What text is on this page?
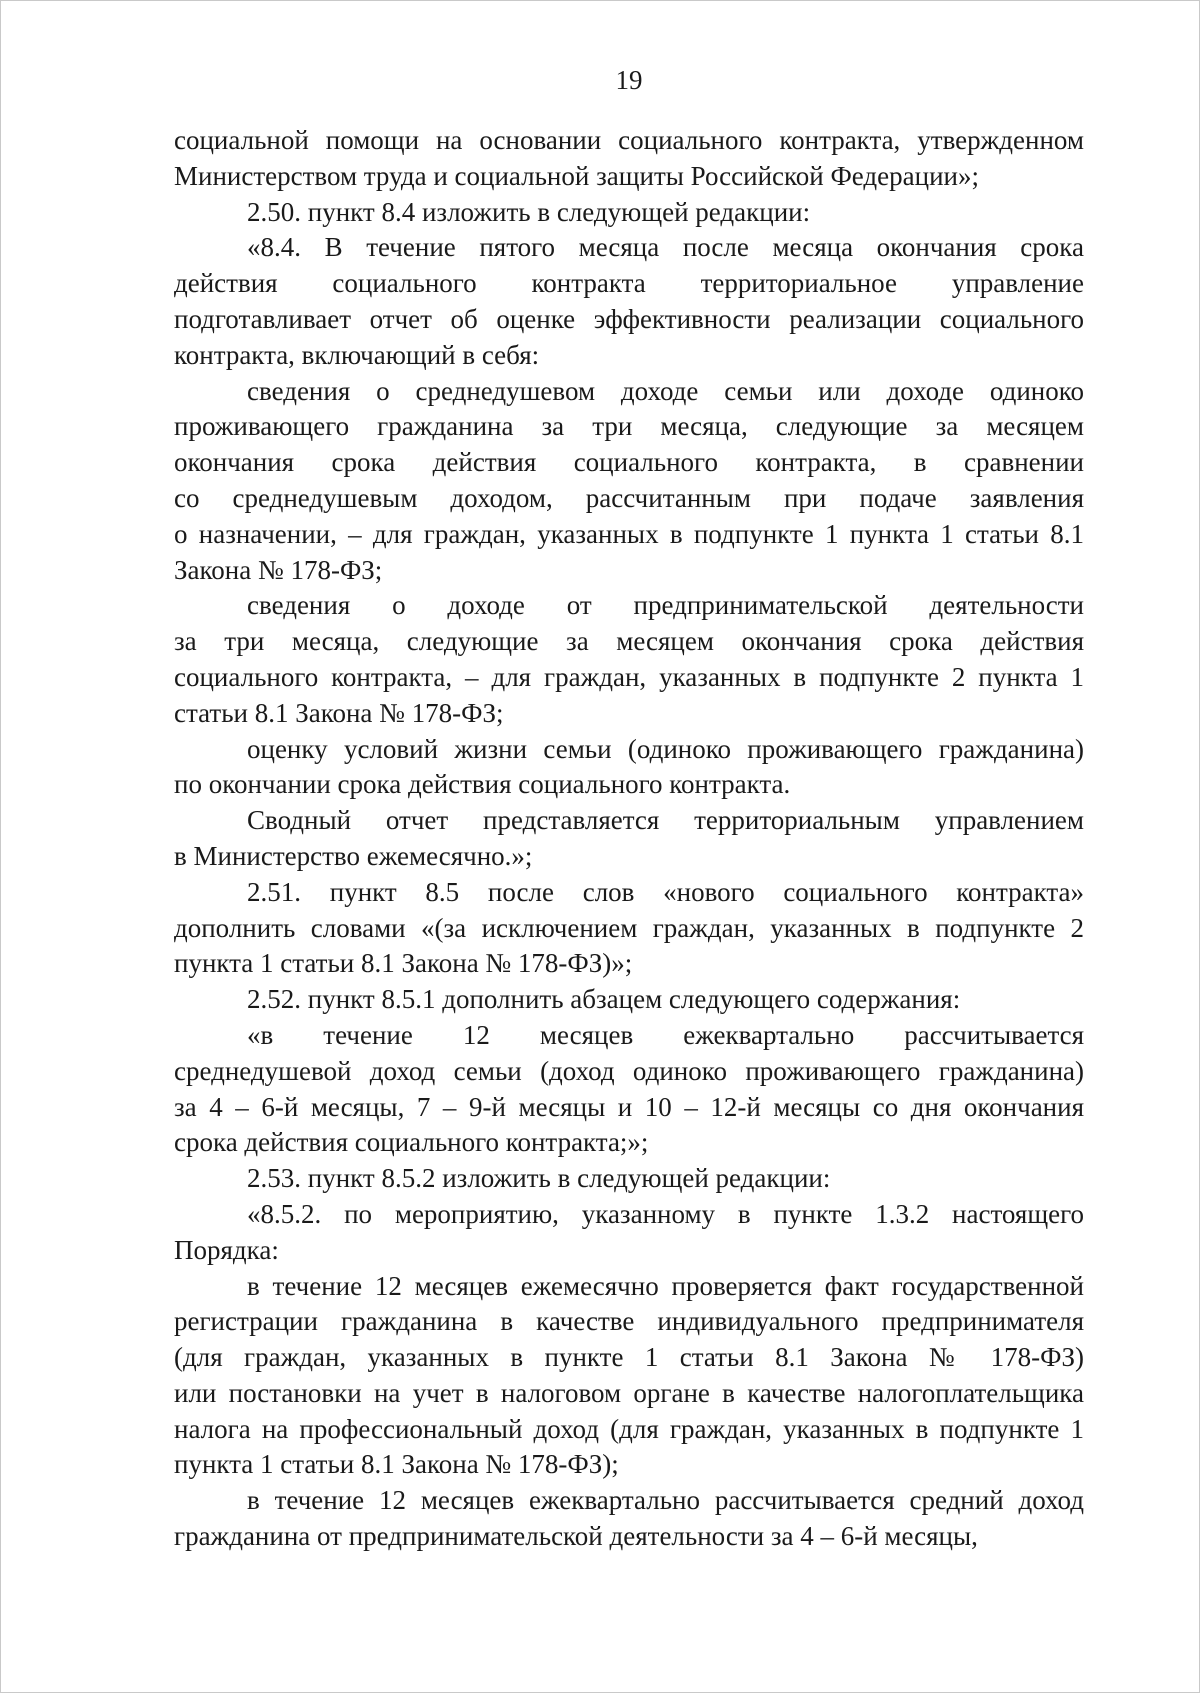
19
социальной помощи на основании социального контракта, утвержденном
Министерством труда и социальной защиты Российской Федерации»;
2.50. пункт 8.4 изложить в следующей редакции:
«8.4. В течение пятого месяца после месяца окончания срока
действия социального контракта территориальное управление
подготавливает отчет об оценке эффективности реализации социального
контракта, включающий в себя:
сведения о среднедушевом доходе семьи или доходе одиноко
проживающего гражданина за три месяца, следующие за месяцем
окончания срока действия социального контракта, в сравнении
со среднедушевым доходом, рассчитанным при подаче заявления
о назначении, – для граждан, указанных в подпункте 1 пункта 1 статьи 8.1
Закона № 178-ФЗ;
сведения о доходе от предпринимательской деятельности
за три месяца, следующие за месяцем окончания срока действия
социального контракта, – для граждан, указанных в подпункте 2 пункта 1
статьи 8.1 Закона № 178-ФЗ;
оценку условий жизни семьи (одиноко проживающего гражданина)
по окончании срока действия социального контракта.
Сводный отчет представляется территориальным управлением
в Министерство ежемесячно.»;
2.51. пункт 8.5 после слов «нового социального контракта»
дополнить словами «(за исключением граждан, указанных в подпункте 2
пункта 1 статьи 8.1 Закона № 178-ФЗ)»;
2.52. пункт 8.5.1 дополнить абзацем следующего содержания:
«в течение 12 месяцев ежеквартально рассчитывается
среднедушевой доход семьи (доход одиноко проживающего гражданина)
за 4 – 6-й месяцы, 7 – 9-й месяцы и 10 – 12-й месяцы со дня окончания
срока действия социального контракта;»;
2.53. пункт 8.5.2 изложить в следующей редакции:
«8.5.2. по мероприятию, указанному в пункте 1.3.2 настоящего
Порядка:
в течение 12 месяцев ежемесячно проверяется факт государственной
регистрации гражданина в качестве индивидуального предпринимателя
(для граждан, указанных в пункте 1 статьи 8.1 Закона № 178-ФЗ)
или постановки на учет в налоговом органе в качестве налогоплательщика
налога на профессиональный доход (для граждан, указанных в подпункте 1
пункта 1 статьи 8.1 Закона № 178-ФЗ);
в течение 12 месяцев ежеквартально рассчитывается средний доход
гражданина от предпринимательской деятельности за 4 – 6-й месяцы,
